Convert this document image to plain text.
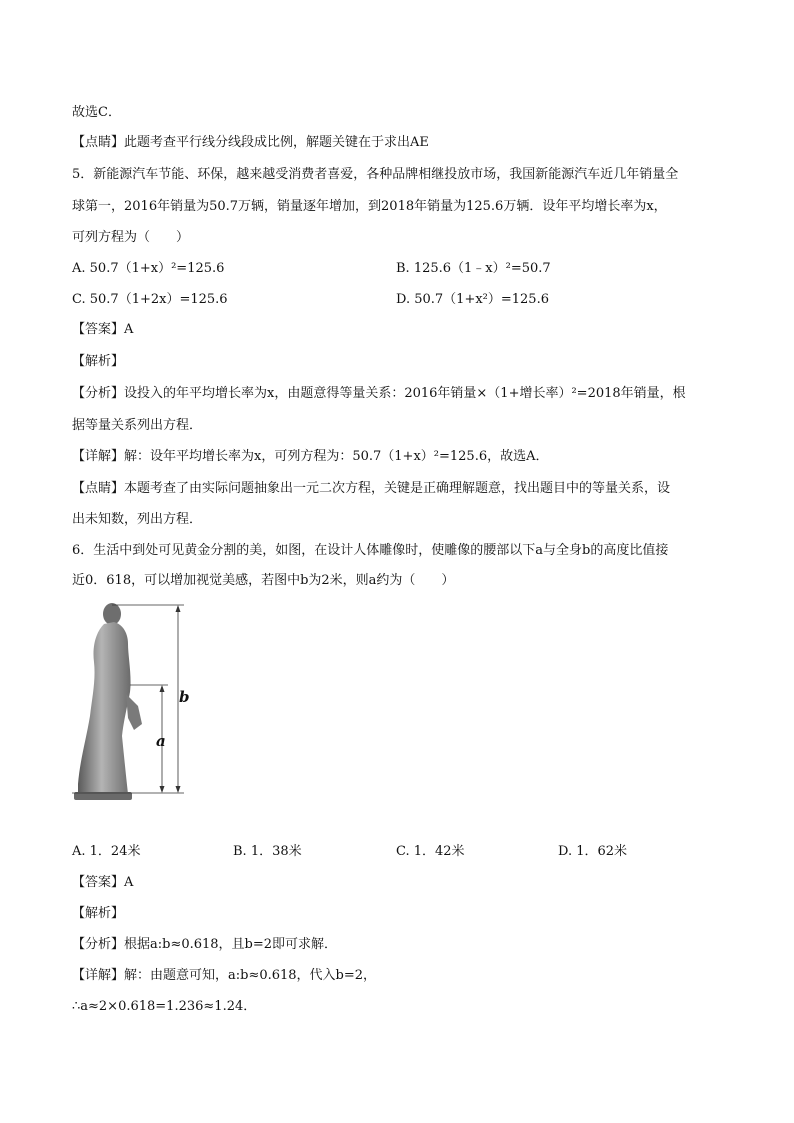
故选C．
【点睛】此题考查平行线分线段成比例，解题关键在于求出AE
5．新能源汽车节能、环保，越来越受消费者喜爱，各种品牌相继投放市场，我国新能源汽车近几年销量全
球第一，2016年销量为50.7万辆，销量逐年增加，到2018年销量为125.6万辆．设年平均增长率为x，
可列方程为（　　）
A. 50.7（1+x）²=125.6	B. 125.6（1﹣x）²=50.7
C. 50.7（1+2x）=125.6	D. 50.7（1+x²）=125.6
【答案】A
【解析】
【分析】设投入的年平均增长率为x，由题意得等量关系：2016年销量×（1+增长率）²=2018年销量，根
据等量关系列出方程．
【详解】解：设年平均增长率为x，可列方程为：50.7（1+x）²=125.6，故选A．
【点睛】本题考查了由实际问题抽象出一元二次方程，关键是正确理解题意，找出题目中的等量关系，设
出未知数，列出方程．
6．生活中到处可见黄金分割的美，如图，在设计人体雕像时，使雕像的腰部以下a与全身b的高度比值接
近0．618，可以增加视觉美感，若图中b为2米，则a约为（　　）
a
b
A. 1．24米	B. 1．38米	C. 1．42米	D. 1．62米
【答案】A
【解析】
【分析】根据a:b≈0.618，且b=2即可求解．
【详解】解：由题意可知，a:b≈0.618，代入b=2，
∴a≈2×0.618=1.236≈1.24．
